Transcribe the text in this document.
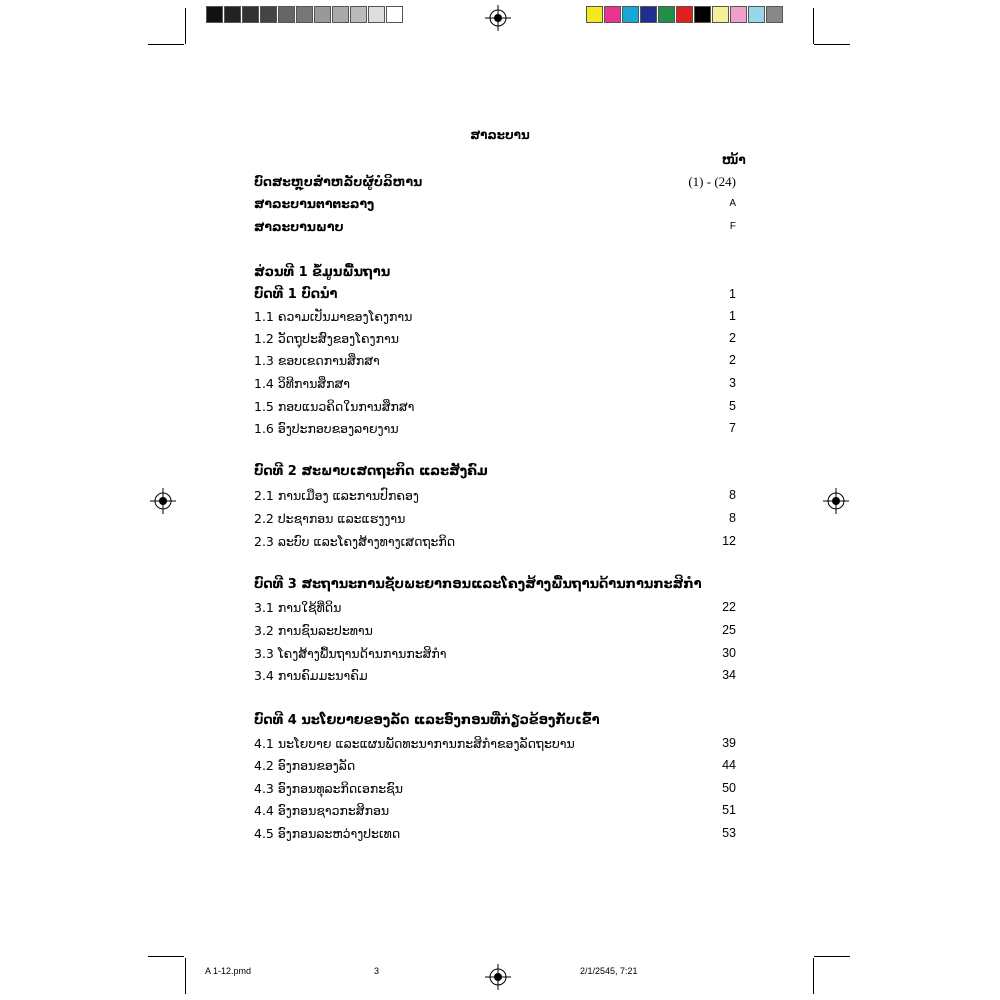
ສາລະບານ
ໜ້າ
ບົດສະຫຼຸບສຳຫລັບຜູ້ບໍລິຫານ	(1) - (24)
ສາລະບານຕາຕະລາງ	A
ສາລະບານພາບ	F
ສ່ວນທີ 1 ຂໍ້ມູນພື້ນຖານ
ບົດທີ 1 ບົດນຳ	1
1.1 ຄວາມເປັນມາຂອງໂຄງການ	1
1.2 ວັດຖຸປະສົງຂອງໂຄງການ	2
1.3 ຂອບເຂດການສຶກສາ	2
1.4 ວິທີການສຶກສາ	3
1.5 ກອບແນວຄິດໃນການສຶກສາ	5
1.6 ອົງປະກອບຂອງລາຍງານ	7
ບົດທີ 2 ສະພາບເສດຖະກິດ ແລະສັງຄົມ
2.1 ການເມືອງ ແລະການປົກຄອງ	8
2.2 ປະຊາກອນ ແລະແຮງງານ	8
2.3 ລະບົບ ແລະໂຄງສ້າງທາງເສດຖະກິດ	12
ບົດທີ 3 ສະຖານະການຊັບພະຍາກອນແລະໂຄງສ້າງພື້ນຖານດ້ານການກະສິກຳ
3.1 ການໃຊ້ທີ່ດິນ	22
3.2 ການຊົນລະປະທານ	25
3.3 ໂຄງສ້າງພື້ນຖານດ້ານການກະສິກຳ	30
3.4 ການຄົມມະນາຄົມ	34
ບົດທີ 4 ນະໂຍບາຍຂອງລັດ ແລະອົງກອນທີ່ກ່ຽວຂ້ອງກັບເຂົ້າ
4.1 ນະໂຍບາຍ ແລະແຜນພັດທະນາການກະສິກຳຂອງລັດຖະບານ	39
4.2 ອົງກອນຂອງລັດ	44
4.3 ອົງກອນທຸລະກິດເອກະຊົນ	50
4.4 ອົງກອນຊາວກະສິກອນ	51
4.5 ອົງກອນລະຫວ່າງປະເທດ	53
A 1-12.pmd	3	2/1/2545, 7:21
